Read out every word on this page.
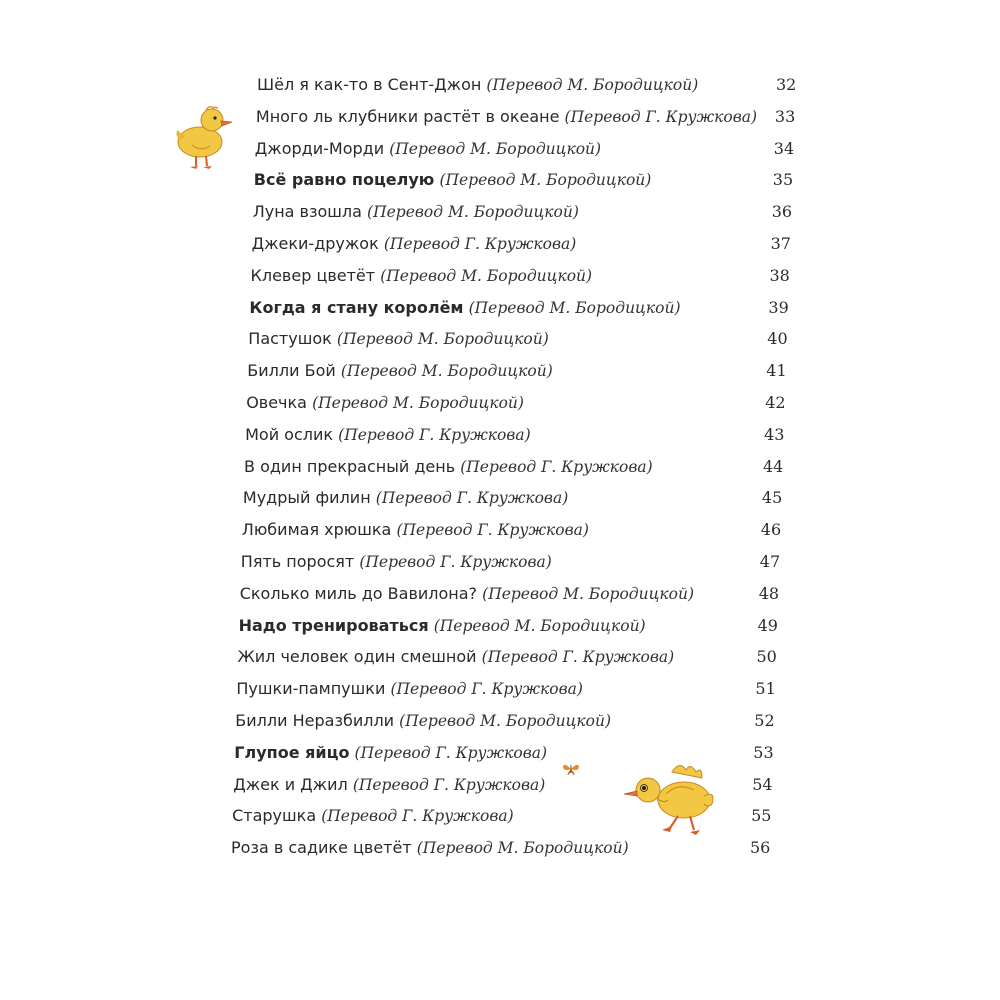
Шёл я как-то в Сент-Джон (Перевод М. Бородицкой)	32
Много ль клубники растёт в океане (Перевод Г. Кружкова) 33
Джорди-Морди (Перевод М. Бородицкой)	34
Всё равно поцелую (Перевод М. Бородицкой)	35
Луна взошла (Перевод М. Бородицкой)	36
Джеки-дружок (Перевод Г. Кружкова)	37
Клевер цветёт (Перевод М. Бородицкой)	38
Когда я стану королём (Перевод М. Бородицкой)	39
Пастушок (Перевод М. Бородицкой)	40
Билли Бой (Перевод М. Бородицкой)	41
Овечка (Перевод М. Бородицкой)	42
Мой ослик (Перевод Г. Кружкова)	43
В один прекрасный день (Перевод Г. Кружкова)	44
Мудрый филин (Перевод Г. Кружкова)	45
Любимая хрюшка (Перевод Г. Кружкова)	46
Пять поросят (Перевод Г. Кружкова)	47
Сколько миль до Вавилона? (Перевод М. Бородицкой)	48
Надо тренироваться (Перевод М. Бородицкой)	49
Жил человек один смешной (Перевод Г. Кружкова)	50
Пушки-пампушки (Перевод Г. Кружкова)	51
Билли Неразбилли (Перевод М. Бородицкой)	52
Глупое яйцо (Перевод Г. Кружкова)	53
Джек и Джил (Перевод Г. Кружкова)	54
Старушка (Перевод Г. Кружкова)	55
Роза в садике цветёт (Перевод М. Бородицкой)	56
